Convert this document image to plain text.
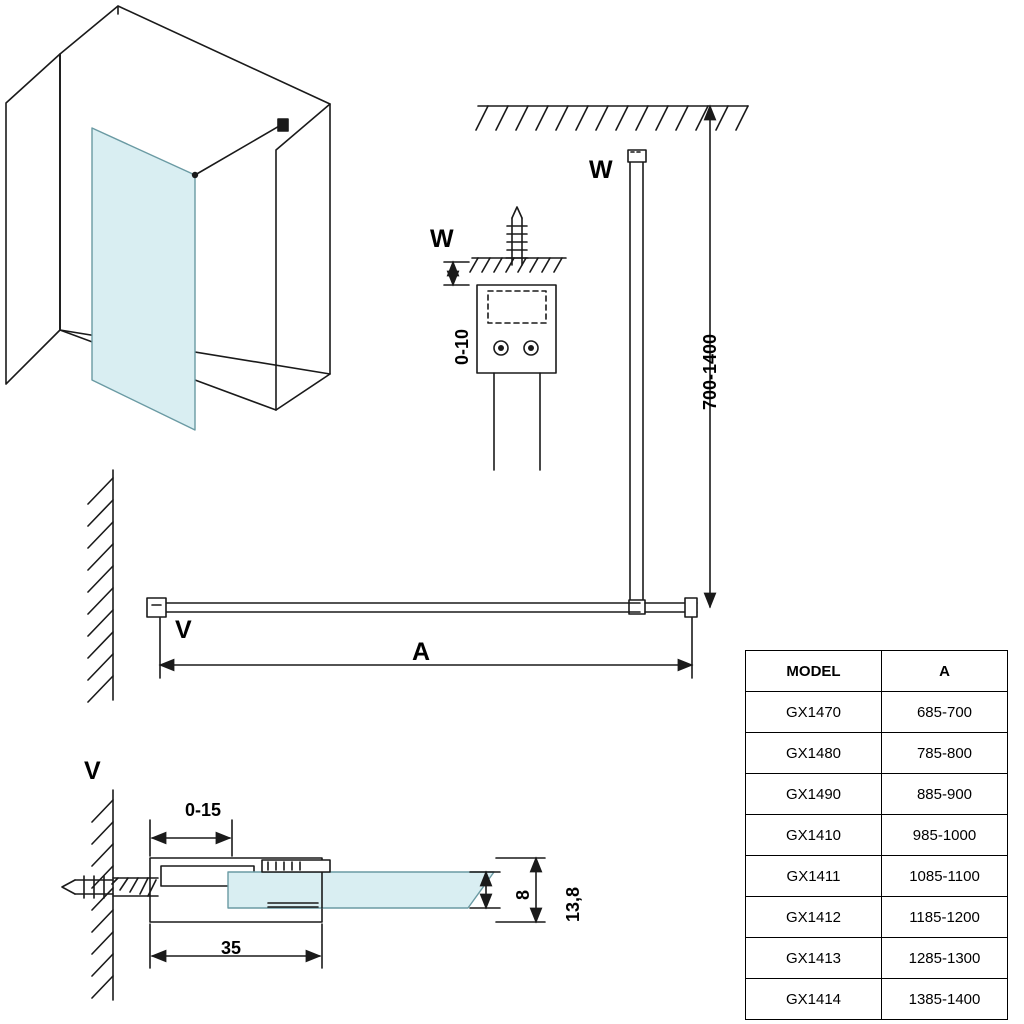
W
W
V
V
A
0-10	700-1400
0-15
35
8 13,8
MODEL	A
GX1470	685-700
GX1480	785-800
GX1490	885-900
GX1410	985-1000
GX1411	1085-1100
GX1412	1185-1200
GX1413	1285-1300
GX1414	1385-1400
